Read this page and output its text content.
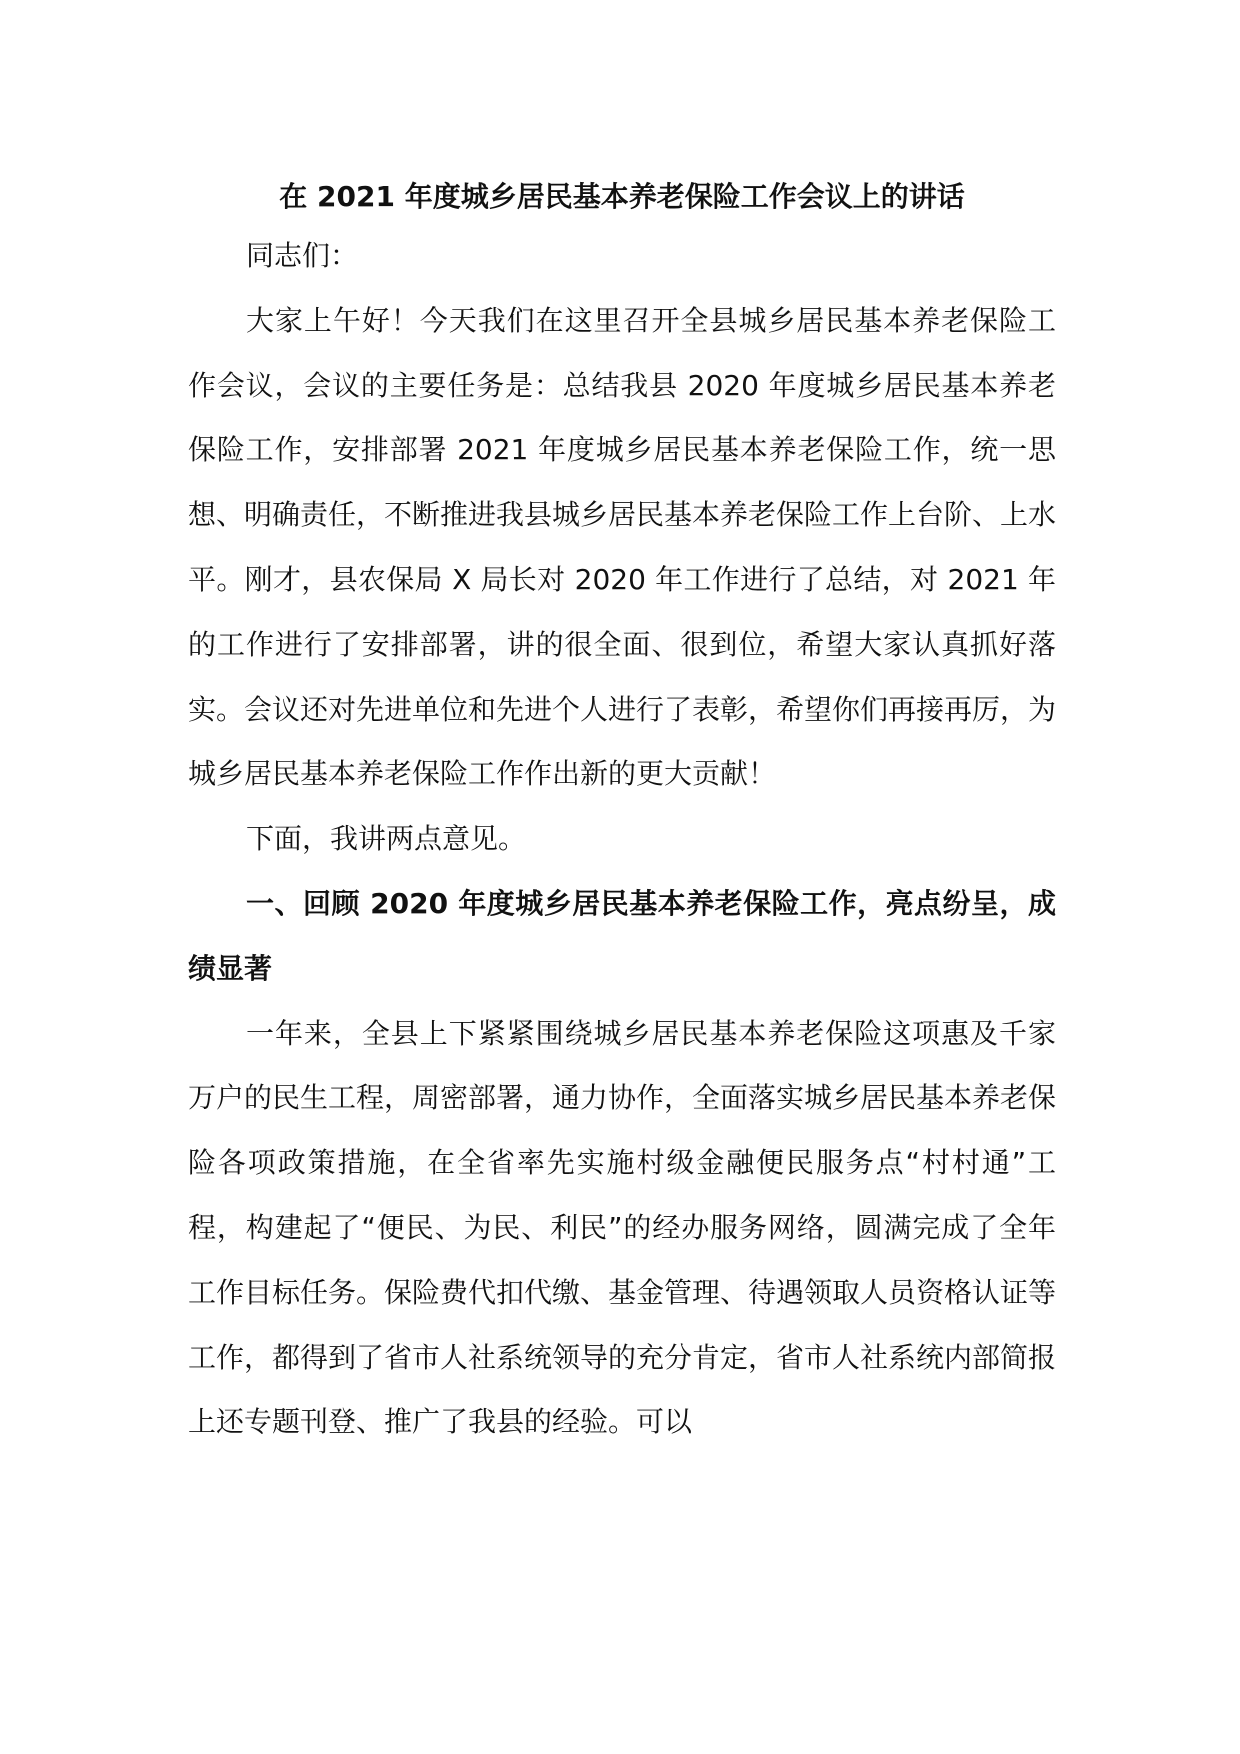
在 2021 年度城乡居民基本养老保险工作会议上的讲话

同志们：

大家上午好！今天我们在这里召开全县城乡居民基本养老保险工作会议，会议的主要任务是：总结我县 2020 年度城乡居民基本养老保险工作，安排部署 2021 年度城乡居民基本养老保险工作，统一思想、明确责任，不断推进我县城乡居民基本养老保险工作上台阶、上水平。刚才，县农保局 X 局长对 2020 年工作进行了总结，对 2021 年的工作进行了安排部署，讲的很全面、很到位，希望大家认真抓好落实。会议还对先进单位和先进个人进行了表彰，希望你们再接再厉，为城乡居民基本养老保险工作作出新的更大贡献！

下面，我讲两点意见。

一、回顾 2020 年度城乡居民基本养老保险工作，亮点纷呈，成绩显著

一年来，全县上下紧紧围绕城乡居民基本养老保险这项惠及千家万户的民生工程，周密部署，通力协作，全面落实城乡居民基本养老保险各项政策措施，在全省率先实施村级金融便民服务点“村村通”工程，构建起了“便民、为民、利民”的经办服务网络，圆满完成了全年工作目标任务。保险费代扣代缴、基金管理、待遇领取人员资格认证等工作，都得到了省市人社系统领导的充分肯定，省市人社系统内部简报上还专题刊登、推广了我县的经验。可以
